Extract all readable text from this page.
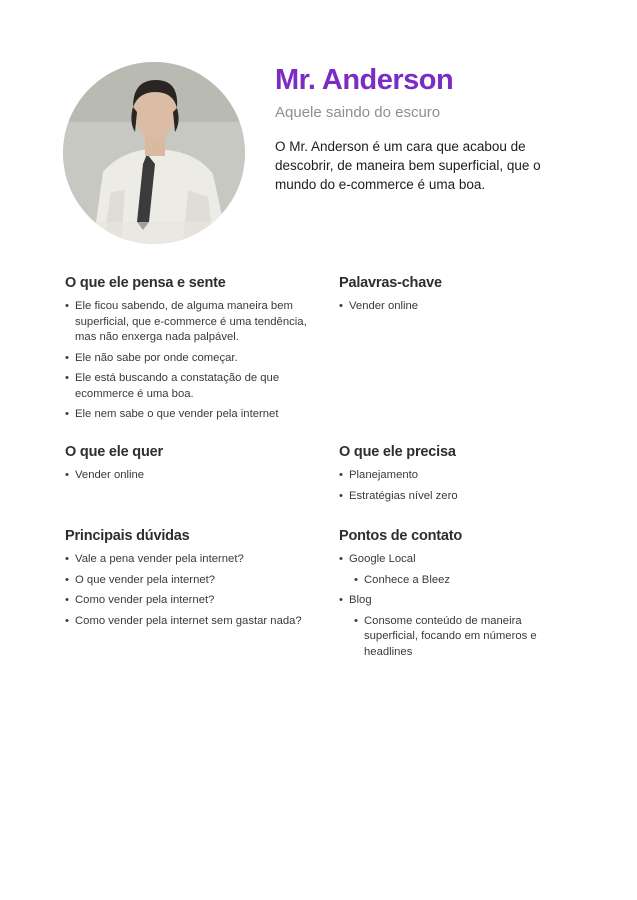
Mr. Anderson
Aquele saindo do escuro
O Mr. Anderson é um cara que acabou de descobrir, de maneira bem superficial, que o mundo do e-commerce é uma boa.
O que ele pensa e sente
• Ele ficou sabendo, de alguma maneira bem superficial, que e-commerce é uma tendência, mas não enxerga nada palpável.
• Ele não sabe por onde começar.
• Ele está buscando a constatação de que ecommerce é uma boa.
• Ele nem sabe o que vender pela internet
Palavras-chave
• Vender online
O que ele quer
• Vender online
O que ele precisa
• Planejamento
• Estratégias nível zero
Principais dúvidas
• Vale a pena vender pela internet?
• O que vender pela internet?
• Como vender pela internet?
• Como vender pela internet sem gastar nada?
Pontos de contato
• Google Local
• Conhece a Bleez
• Blog
• Consome conteúdo de maneira superficial, focando em números e headlines
